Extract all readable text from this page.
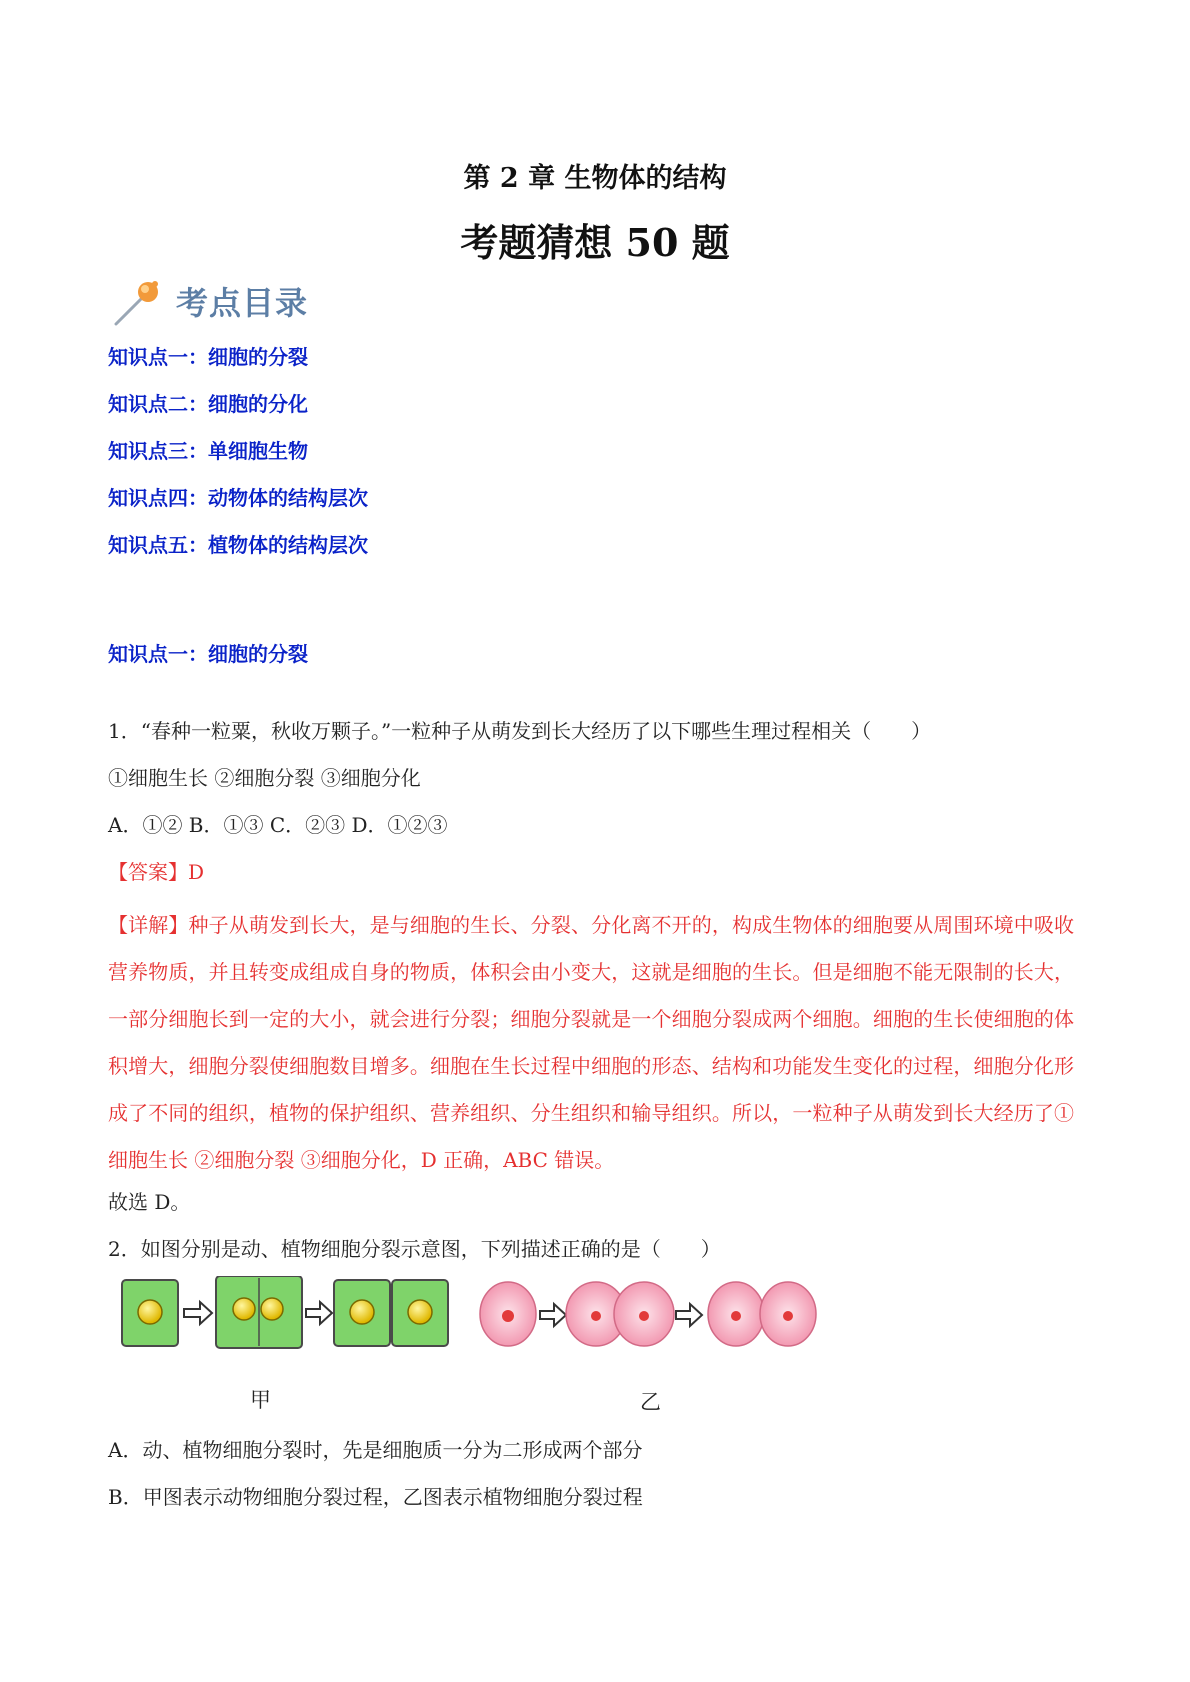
第 2 章 生物体的结构
考题猜想 50 题
考点目录
知识点一：细胞的分裂
知识点二：细胞的分化
知识点三：单细胞生物
知识点四：动物体的结构层次
知识点五：植物体的结构层次
知识点一：细胞的分裂
1．“春种一粒粟，秋收万颗子。”一粒种子从萌发到长大经历了以下哪些生理过程相关（　　）
①细胞生长 ②细胞分裂 ③细胞分化
A．①② B．①③ C．②③ D．①②③
【答案】D
【详解】种子从萌发到长大，是与细胞的生长、分裂、分化离不开的，构成生物体的细胞要从周围环境中吸收营养物质，并且转变成组成自身的物质，体积会由小变大，这就是细胞的生长。但是细胞不能无限制的长大，一部分细胞长到一定的大小，就会进行分裂；细胞分裂就是一个细胞分裂成两个细胞。细胞的生长使细胞的体积增大，细胞分裂使细胞数目增多。细胞在生长过程中细胞的形态、结构和功能发生变化的过程，细胞分化形成了不同的组织，植物的保护组织、营养组织、分生组织和输导组织。所以，一粒种子从萌发到长大经历了①细胞生长 ②细胞分裂 ③细胞分化，D 正确，ABC 错误。
故选 D。
2．如图分别是动、植物细胞分裂示意图，下列描述正确的是（　　）
甲	乙
A．动、植物细胞分裂时，先是细胞质一分为二形成两个部分
B．甲图表示动物细胞分裂过程，乙图表示植物细胞分裂过程
